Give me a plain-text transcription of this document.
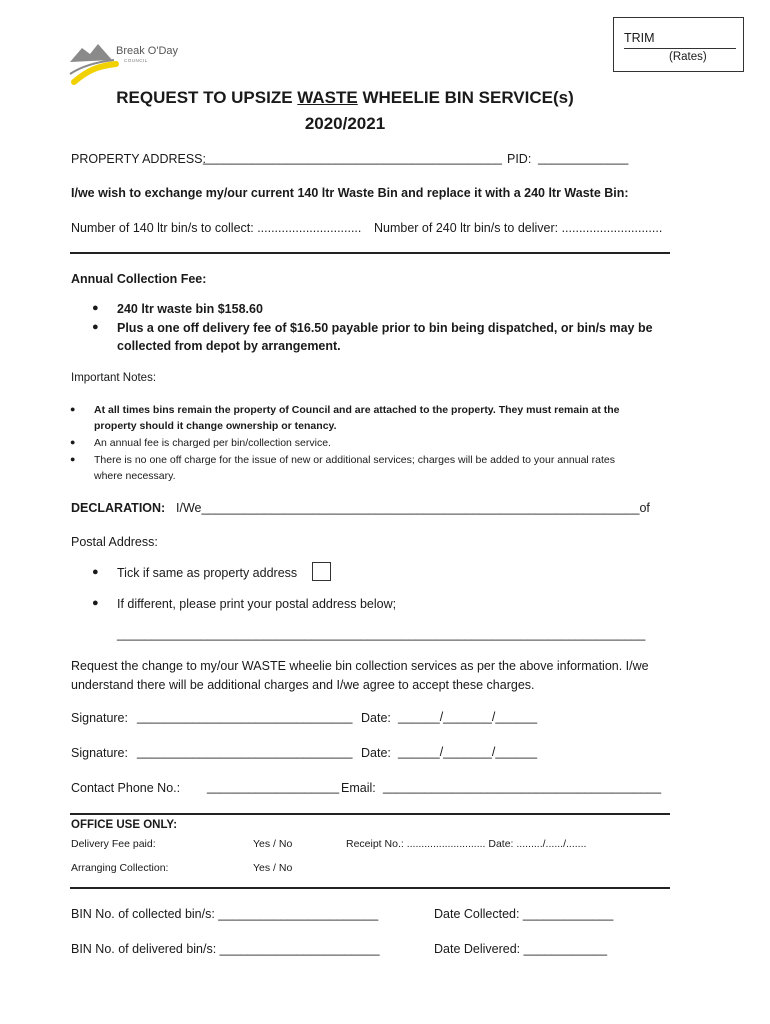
TRIM
(Rates)
Break O'Day
COUNCIL
REQUEST TO UPSIZE WASTE WHEELIE BIN SERVICE(s)
2020/2021
PROPERTY ADDRESS:
___________________________________________ PID: _____________
I/we wish to exchange my/our current 140 ltr Waste Bin and replace it with a 240 ltr Waste Bin:
Number of 140 ltr bin/s to collect: .............................. Number of 240 ltr bin/s to deliver: .............................
Annual Collection Fee:
● 240 ltr waste bin $158.60
● Plus a one off delivery fee of $16.50 payable prior to bin being dispatched, or bin/s may be
collected from depot by arrangement.
Important Notes:
● At all times bins remain the property of Council and are attached to the property. They must remain at the
property should it change ownership or tenancy.
● An annual fee is charged per bin/collection service.
● There is no one off charge for the issue of new or additional services; charges will be added to your annual rates
where necessary.
DECLARATION: I/We_______________________________________________________________of
Postal Address:
● Tick if same as property address
● If different, please print your postal address below;
____________________________________________________________________________
Request the change to my/our WASTE wheelie bin collection services as per the above information. I/we
understand there will be additional charges and I/we agree to accept these charges.
Signature: _______________________________ Date: ______/_______/______
Signature: _______________________________ Date: ______/_______/______
Contact Phone No.: ___________________ Email: ________________________________________
OFFICE USE ONLY:
Delivery Fee paid:	Yes / No	Receipt No.: ........................... Date: ........./....../.......
Arranging Collection:	Yes / No
BIN No. of collected bin/s: _______________________	Date Collected: _____________
BIN No. of delivered bin/s: _______________________	Date Delivered: ____________
